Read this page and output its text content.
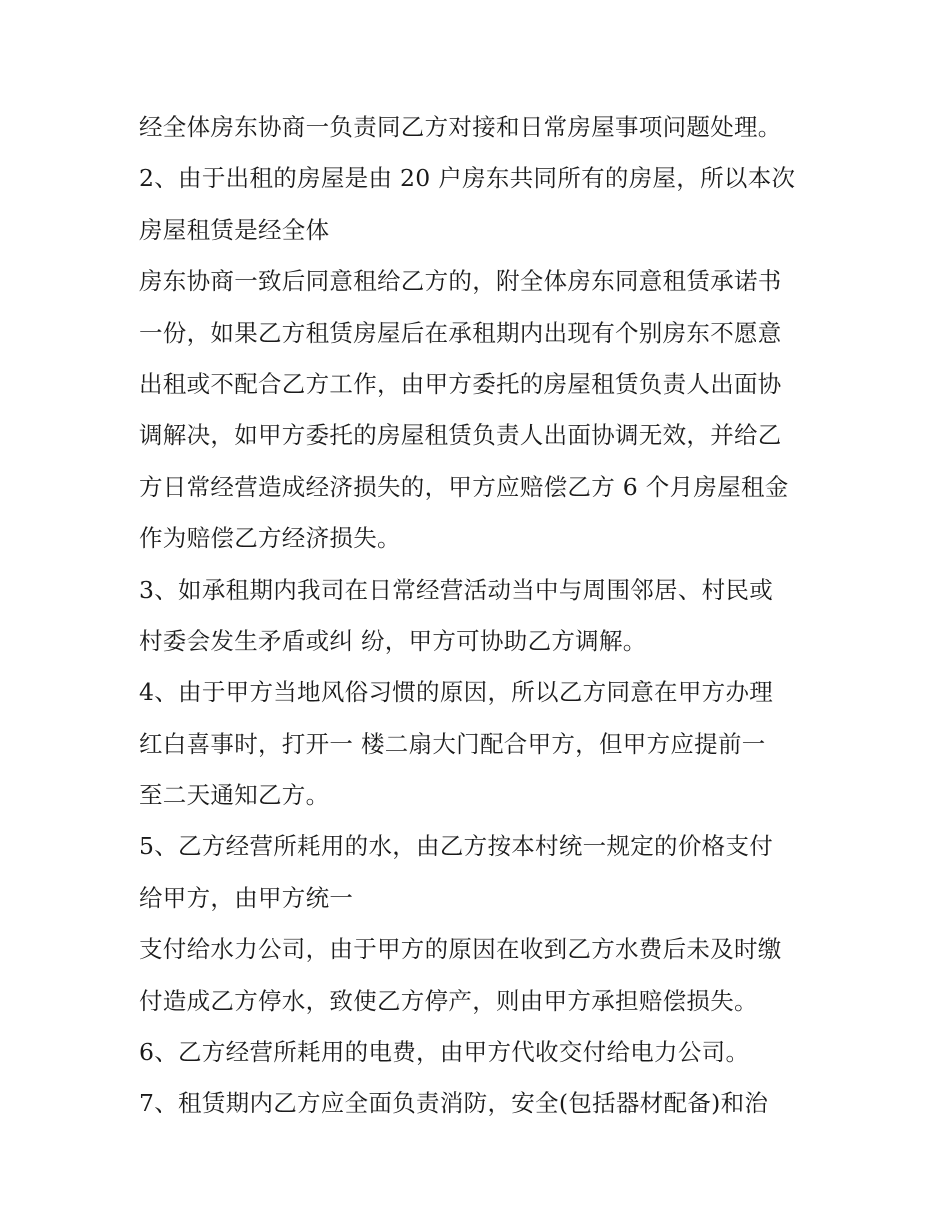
经全体房东协商一负责同乙方对接和日常房屋事项问题处理。
2、由于出租的房屋是由 20 户房东共同所有的房屋，所以本次
房屋租赁是经全体
房东协商一致后同意租给乙方的，附全体房东同意租赁承诺书
一份，如果乙方租赁房屋后在承租期内出现有个别房东不愿意
出租或不配合乙方工作，由甲方委托的房屋租赁负责人出面协
调解决，如甲方委托的房屋租赁负责人出面协调无效，并给乙
方日常经营造成经济损失的，甲方应赔偿乙方 6 个月房屋租金
作为赔偿乙方经济损失。
3、如承租期内我司在日常经营活动当中与周围邻居、村民或
村委会发生矛盾或纠 纷，甲方可协助乙方调解。
4、由于甲方当地风俗习惯的原因，所以乙方同意在甲方办理
红白喜事时，打开一 楼二扇大门配合甲方，但甲方应提前一
至二天通知乙方。
5、乙方经营所耗用的水，由乙方按本村统一规定的价格支付
给甲方，由甲方统一
支付给水力公司，由于甲方的原因在收到乙方水费后未及时缴
付造成乙方停水，致使乙方停产，则由甲方承担赔偿损失。
6、乙方经营所耗用的电费，由甲方代收交付给电力公司。
7、租赁期内乙方应全面负责消防，安全(包括器材配备)和治
